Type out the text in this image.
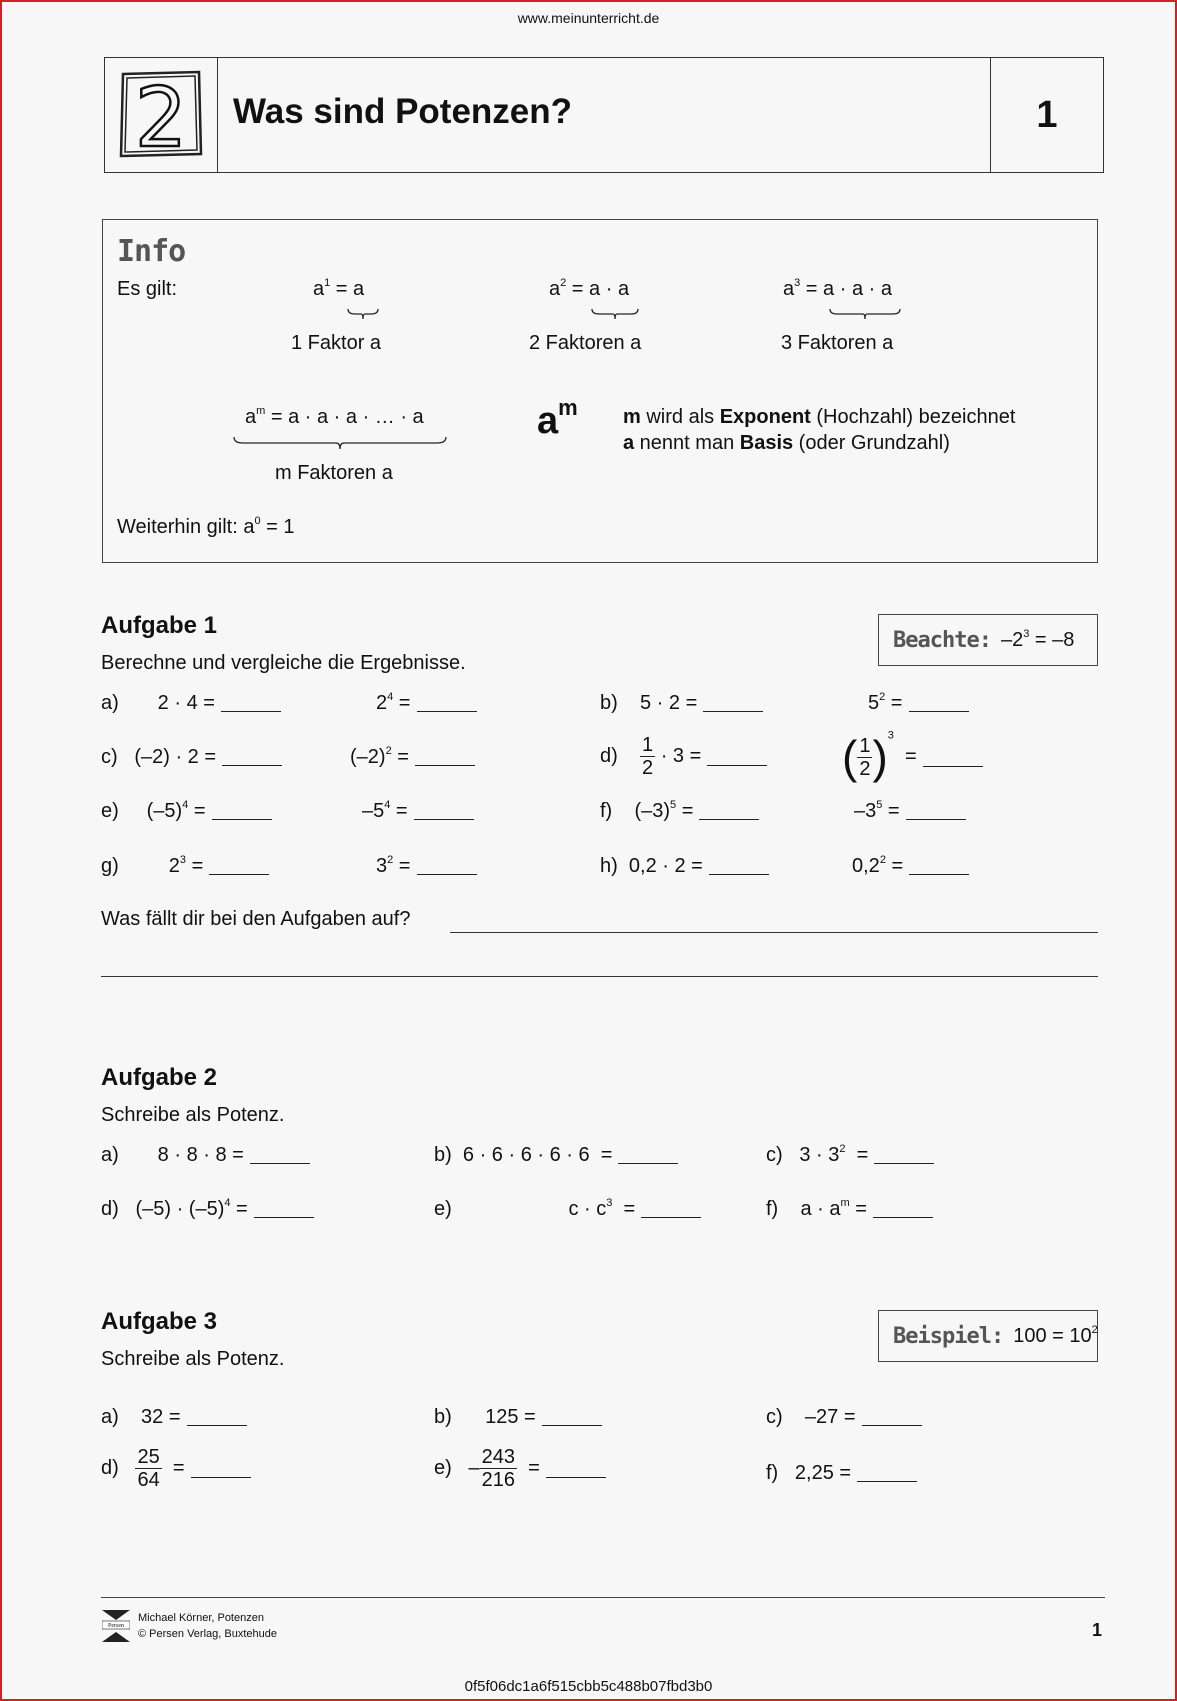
www.meinunterricht.de
2 Was sind Potenzen?	1
Info
Es gilt:	$a^1 = a$
1 Faktor a
$a^2 = a \cdot a$
2 Faktoren a
$a^3 = a \cdot a \cdot a$
3 Faktoren a
$a^m = a \cdot a \cdot a$ · … · a
m Faktoren a
$a^m$ m wird als Exponent (Hochzahl) bezeichnet
a nennt man Basis (oder Grundzahl)
Weiterhin gilt: $a^0 = 1$
Aufgabe 1
Berechne und vergleiche die Ergebnisse.
Beachte: $-2^3 = -8$
a)       2 · 4 =	$2^4$ =	b)    5 · 2 =	$5^2$ =
c)   (–2) · 2 =	$(-2)^2$ =	$d) \frac{1}{2} \cdot 3$ =	( $\frac{1}{2} )^3$  =
e)     $(-5)^4$ =	$-5^4$ =	f)    $(-3)^5$ =	$-3^5$ =
g)         $2^3$ =	$3^2$ =	h)  0,2 · 2 =	$0,2^2$ =
Was fällt dir bei den Aufgaben auf?
Aufgabe 2
Schreibe als Potenz.
a)       8 · 8 · 8 =	b)  6 · 6 · 6 · 6 · 6  =	c)   $3 \cdot 3^2$  =
d)   $(-5) \cdot (-5)^4$ =	e)                     $c \cdot c^3$  =	f)    $a \cdot a^m$ =
Aufgabe 3
Schreibe als Potenz.
Beispiel: $100 = 10^2$
a)    32 =	b)      125 =	c)    –27 =
$d) \frac{25}{64}$ =	$e) - \frac{243}{216}$ =	f)   2,25 =
Persen
Michael Körner, Potenzen
© Persen Verlag, Buxtehude	1
0f5f06dc1a6f515cbb5c488b07fbd3b0
